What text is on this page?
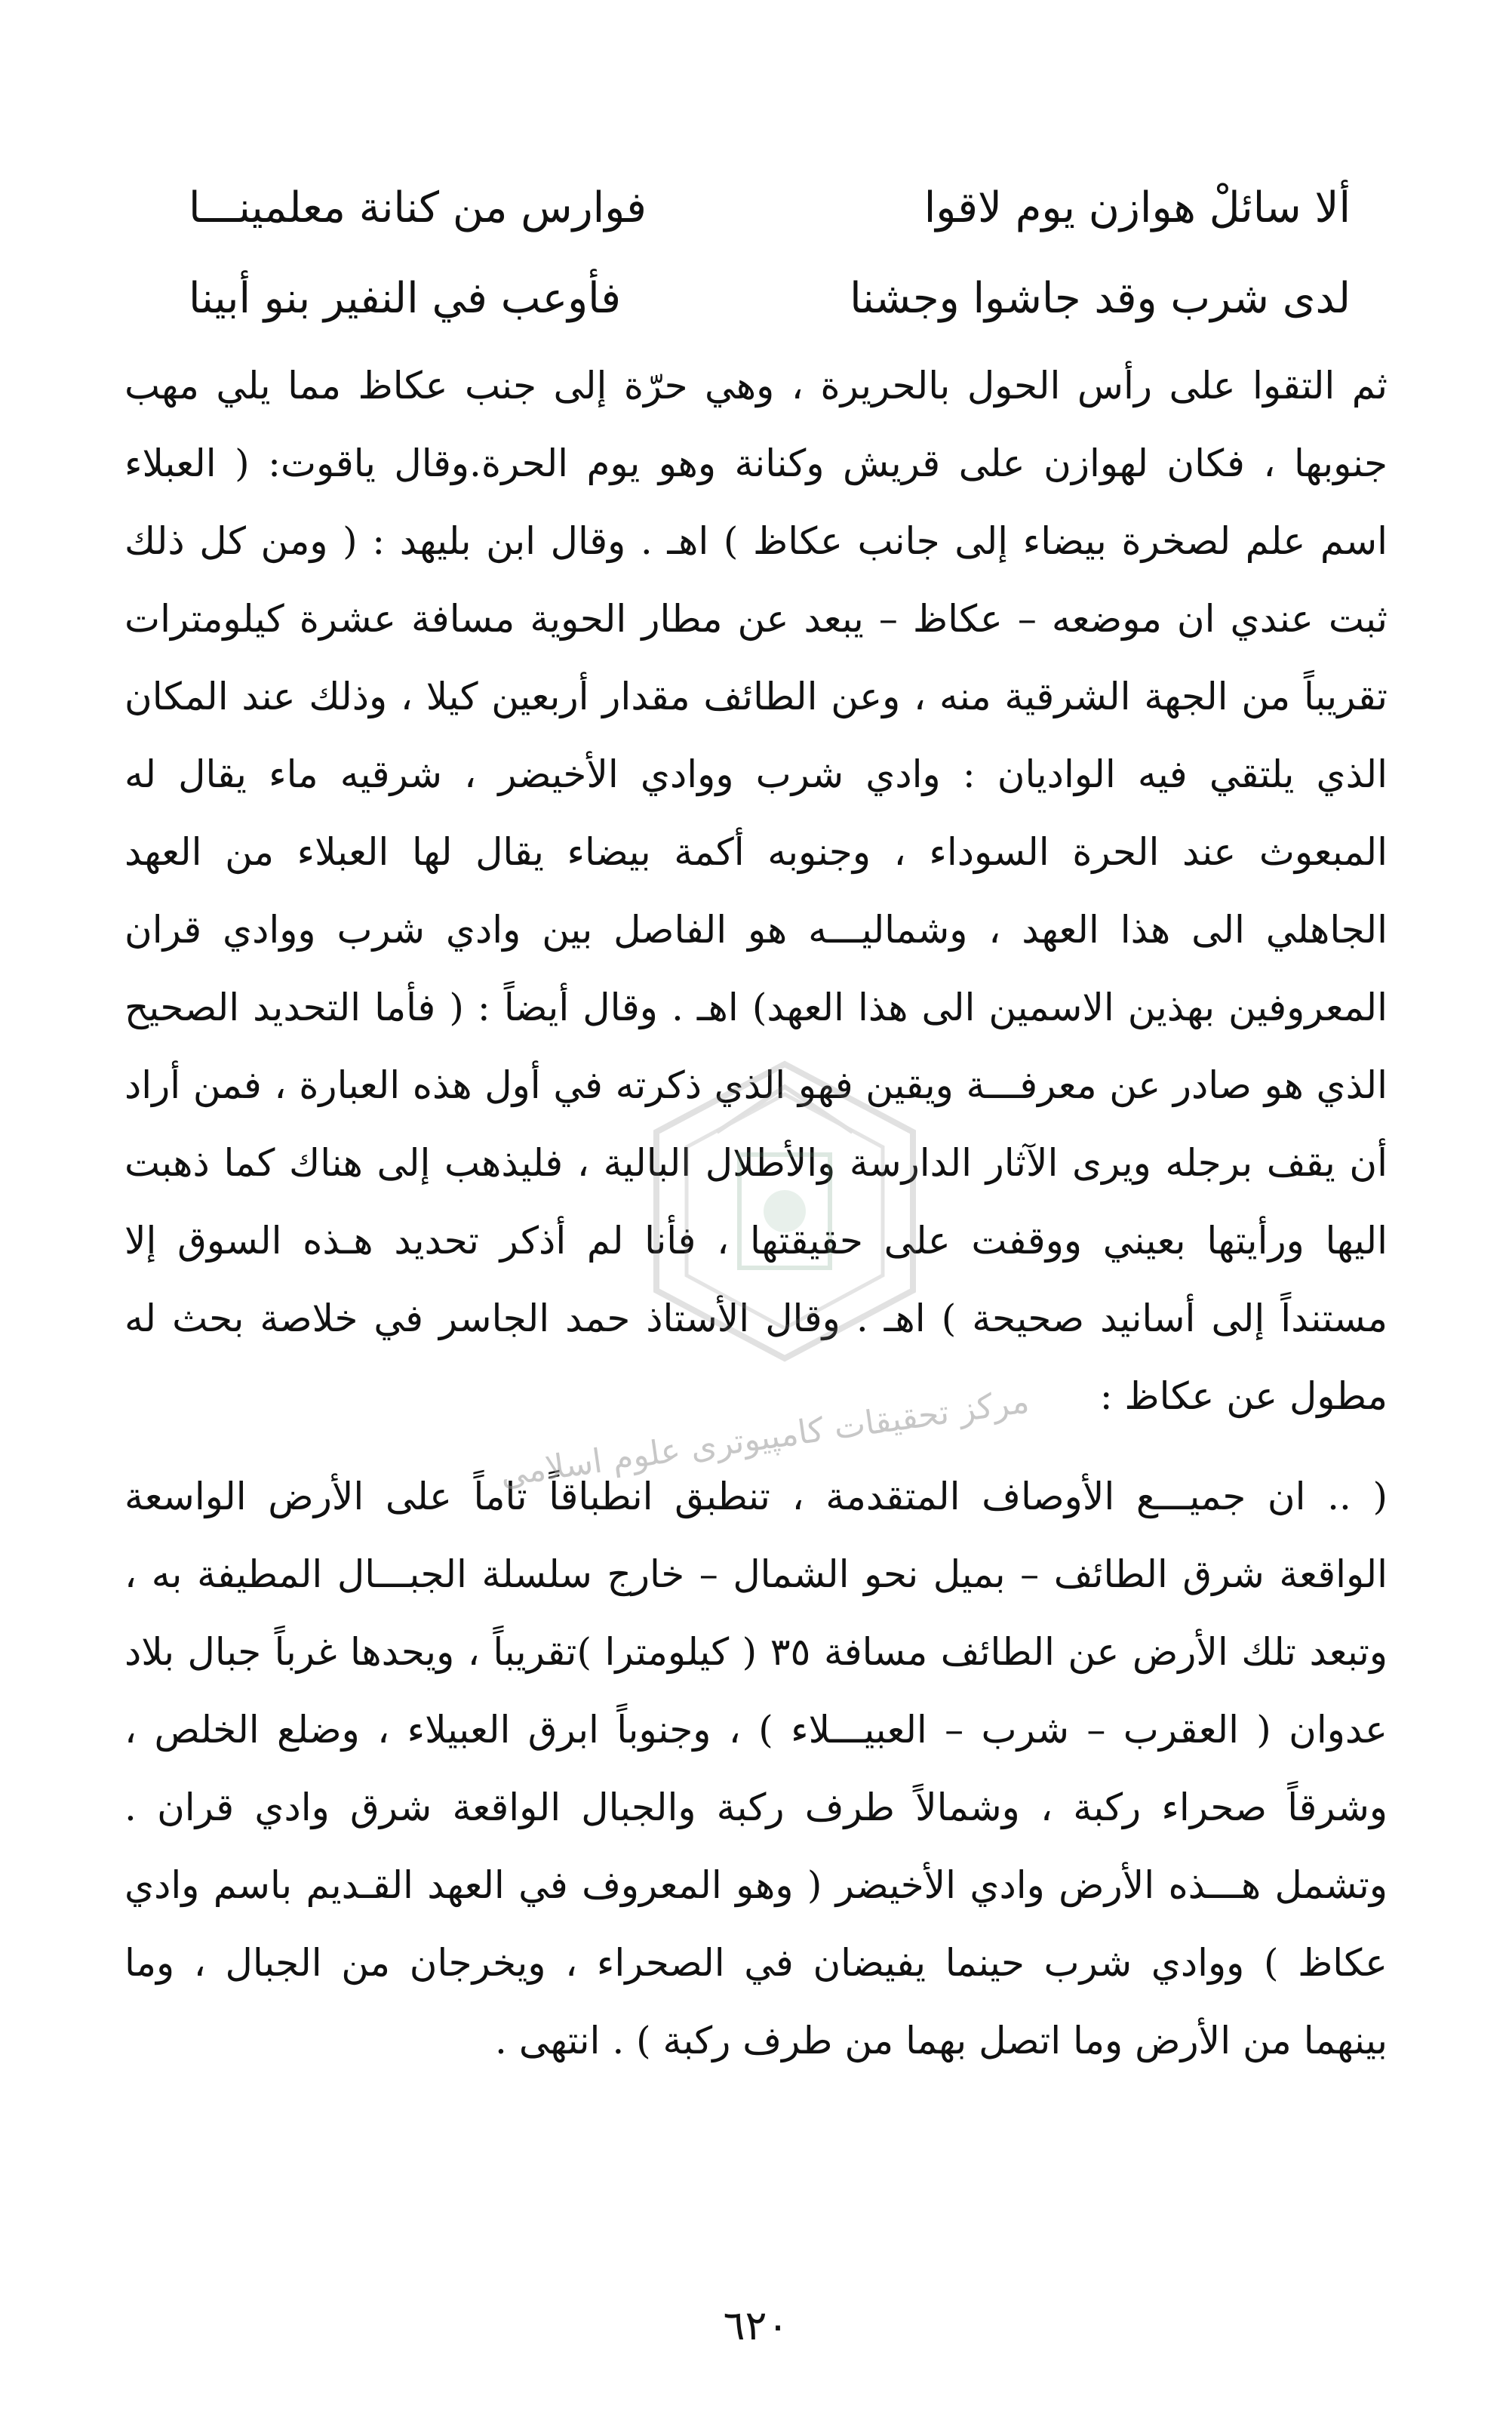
ألا سائلْ هوازن يوم لاقوا
فوارس من كنانة معلمينـــا
لدى شرب وقد جاشوا وجشنا
فأوعب في النفير بنو أبينا

ثم التقوا على رأس الحول بالحريرة ، وهي حرّة إلى جنب عكاظ مما يلي مهب جنوبها ، فكان لهوازن على قريش وكنانة وهو يوم الحرة.وقال ياقوت: ( العبلاء اسم علم لصخرة بيضاء إلى جانب عكاظ ) اهـ . وقال ابن بليهد : ( ومن كل ذلك ثبت عندي ان موضعه – عكاظ – يبعد عن مطار الحوية مسافة عشرة كيلومترات تقريباً من الجهة الشرقية منه ، وعن الطائف مقدار أربعين كيلا ، وذلك عند المكان الذي يلتقي فيه الواديان : وادي شرب ووادي الأخيضر ، شرقيه ماء يقال له المبعوث عند الحرة السوداء ، وجنوبه أكمة بيضاء يقال لها العبلاء من العهد الجاهلي الى هذا العهد ، وشماليـــه هو الفاصل بين وادي شرب ووادي قران المعروفين بهذين الاسمين الى هذا العهد) اهـ . وقال أيضاً : ( فأما التحديد الصحيح الذي هو صادر عن معرفـــة ويقين فهو الذي ذكرته في أول هذه العبارة ، فمن أراد أن يقف برجله ويرى الآثار الدارسة والأطلال البالية ، فليذهب إلى هناك كما ذهبت اليها ورأيتها بعيني ووقفت على حقيقتها ، فأنا لم أذكر تحديد هـذه السوق إلا مستنداً إلى أسانيد صحيحة ) اهـ . وقال الأستاذ حمد الجاسر في خلاصة بحث له مطول عن عكاظ :

( .. ان جميـــع الأوصاف المتقدمة ، تنطبق انطباقاً تاماً على الأرض الواسعة الواقعة شرق الطائف – بميل نحو الشمال – خارج سلسلة الجبـــال المطيفة به ، وتبعد تلك الأرض عن الطائف مسافة ٣٥ ( كيلومترا )تقريباً ، ويحدها غرباً جبال بلاد عدوان ( العقرب – شرب – العبيـــلاء ) ، وجنوباً ابرق العبيلاء ، وضلع الخلص ، وشرقاً صحراء ركبة ، وشمالاً طرف ركبة والجبال الواقعة شرق وادي قران . وتشمل هـــذه الأرض وادي الأخيضر ( وهو المعروف في العهد القـديم باسم وادي عكاظ ) ووادي شرب حينما يفيضان في الصحراء ، ويخرجان من الجبال ، وما بينهما من الأرض وما اتصل بهما من طرف ركبة ) . انتهى .

مركز تحقيقات كامپيوتری علوم اسلامی
٦٢٠
